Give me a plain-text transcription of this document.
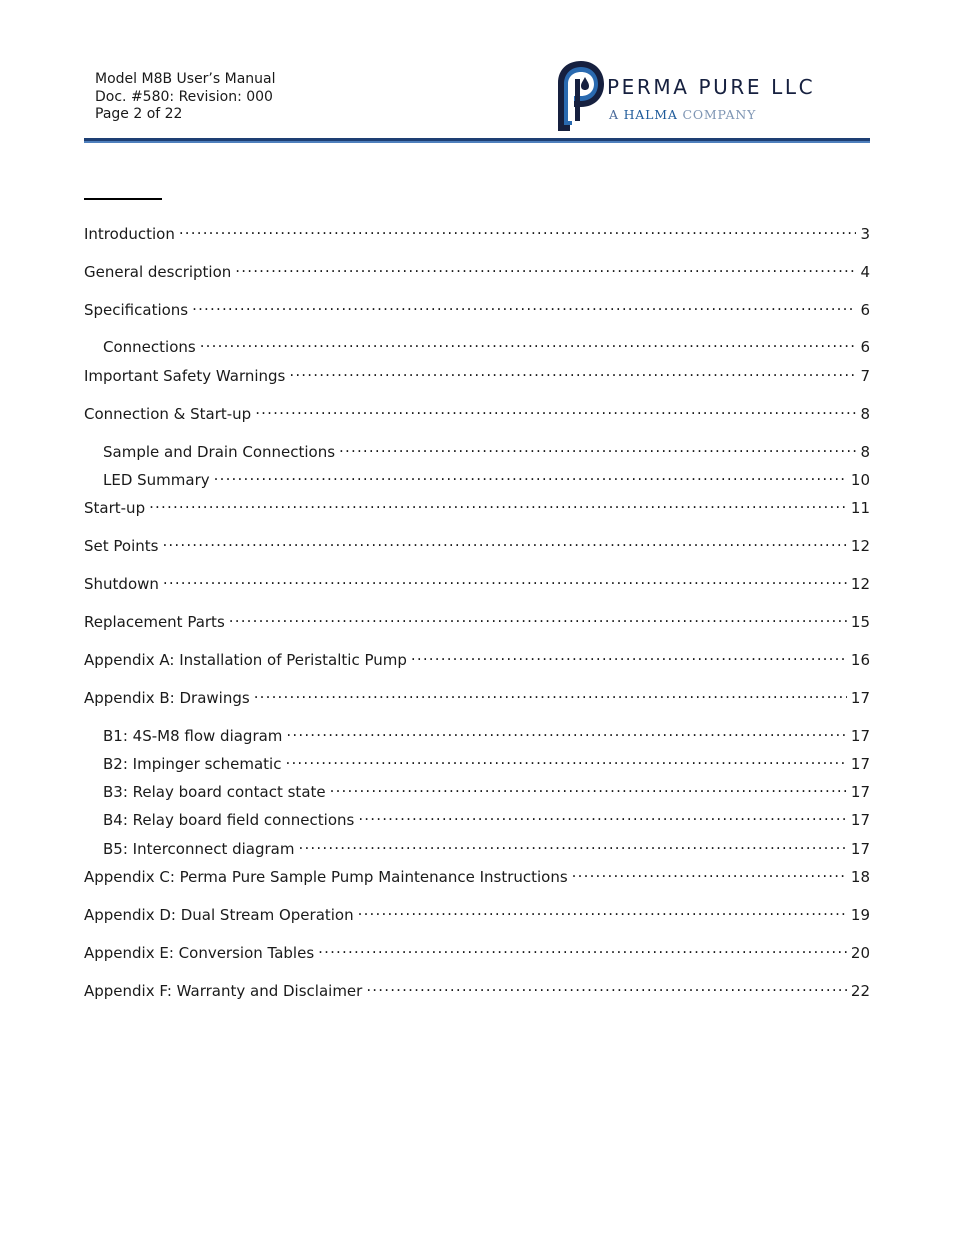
Model M8B User’s Manual
Doc. #580: Revision: 000
Page 2 of 22
PERMA PURE LLC
A HALMA COMPANY
Introduction .....	3
General description .....	4
Specifications .....	6
Connections .....	6
Important Safety Warnings .....	7
Connection & Start-up .....	8
Sample and Drain Connections .....	8
LED Summary .....	10
Start-up .....	11
Set Points .....	12
Shutdown .....	12
Replacement Parts .....	15
Appendix A: Installation of Peristaltic Pump .....	16
Appendix B: Drawings .....	17
B1: 4S-M8 flow diagram .....	17
B2: Impinger schematic .....	17
B3: Relay board contact state .....	17
B4: Relay board field connections .....	17
B5: Interconnect diagram .....	17
Appendix C: Perma Pure Sample Pump Maintenance Instructions .....	18
Appendix D: Dual Stream Operation .....	19
Appendix E: Conversion Tables .....	20
Appendix F: Warranty and Disclaimer .....	22
